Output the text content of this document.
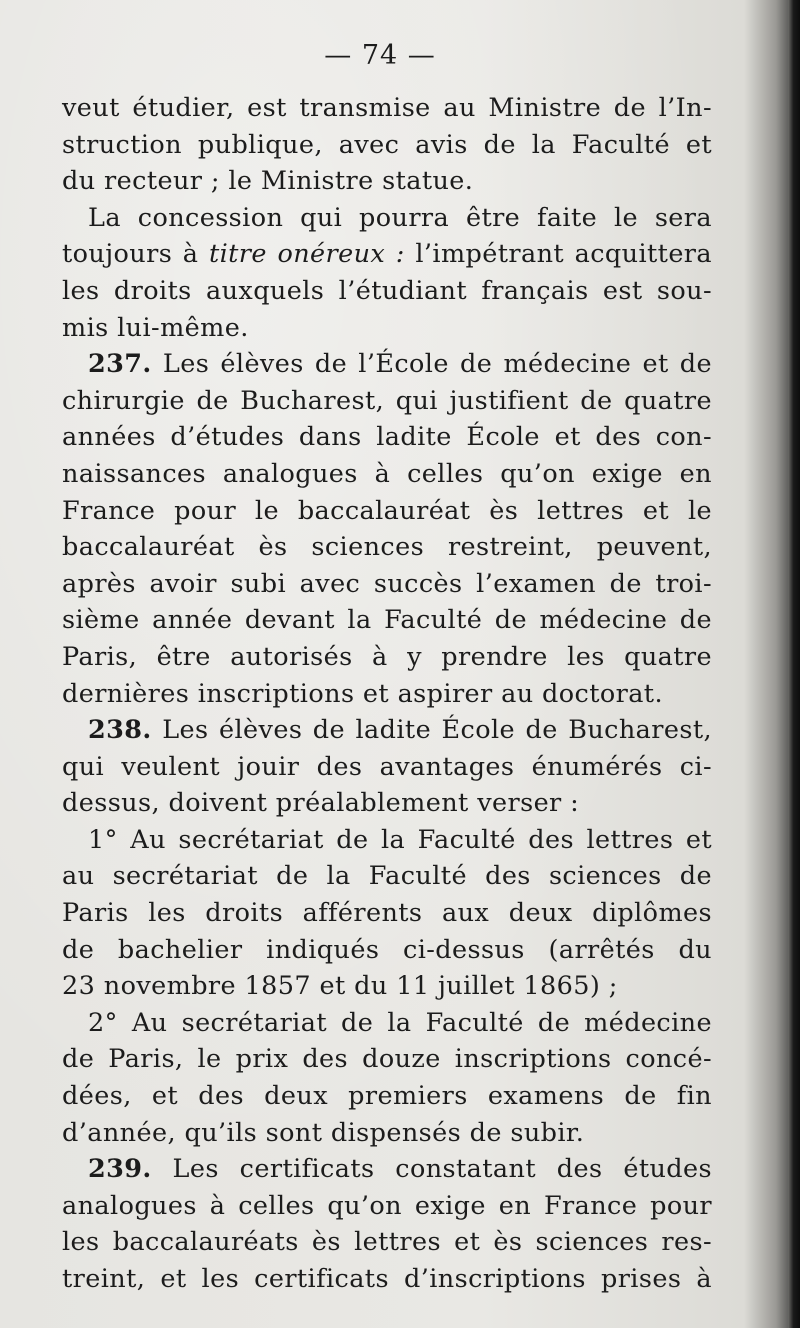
— 74 —
veut étudier, est transmise au Ministre de l’In-
struction publique, avec avis de la Faculté et
du recteur ; le Ministre statue.
La concession qui pourra être faite le sera
toujours à titre onéreux : l’impétrant acquittera
les droits auxquels l’étudiant français est sou-
mis lui-même.
237. Les élèves de l’École de médecine et de
chirurgie de Bucharest, qui justifient de quatre
années d’études dans ladite École et des con-
naissances analogues à celles qu’on exige en
France pour le baccalauréat ès lettres et le
baccalauréat ès sciences restreint, peuvent,
après avoir subi avec succès l’examen de troi-
sième année devant la Faculté de médecine de
Paris, être autorisés à y prendre les quatre
dernières inscriptions et aspirer au doctorat.
238. Les élèves de ladite École de Bucharest,
qui veulent jouir des avantages énumérés ci-
dessus, doivent préalablement verser :
1° Au secrétariat de la Faculté des lettres et
au secrétariat de la Faculté des sciences de
Paris les droits afférents aux deux diplômes
de bachelier indiqués ci-dessus (arrêtés du
23 novembre 1857 et du 11 juillet 1865) ;
2° Au secrétariat de la Faculté de médecine
de Paris, le prix des douze inscriptions concé-
dées, et des deux premiers examens de fin
d’année, qu’ils sont dispensés de subir.
239. Les certificats constatant des études
analogues à celles qu’on exige en France pour
les baccalauréats ès lettres et ès sciences res-
treint, et les certificats d’inscriptions prises à
